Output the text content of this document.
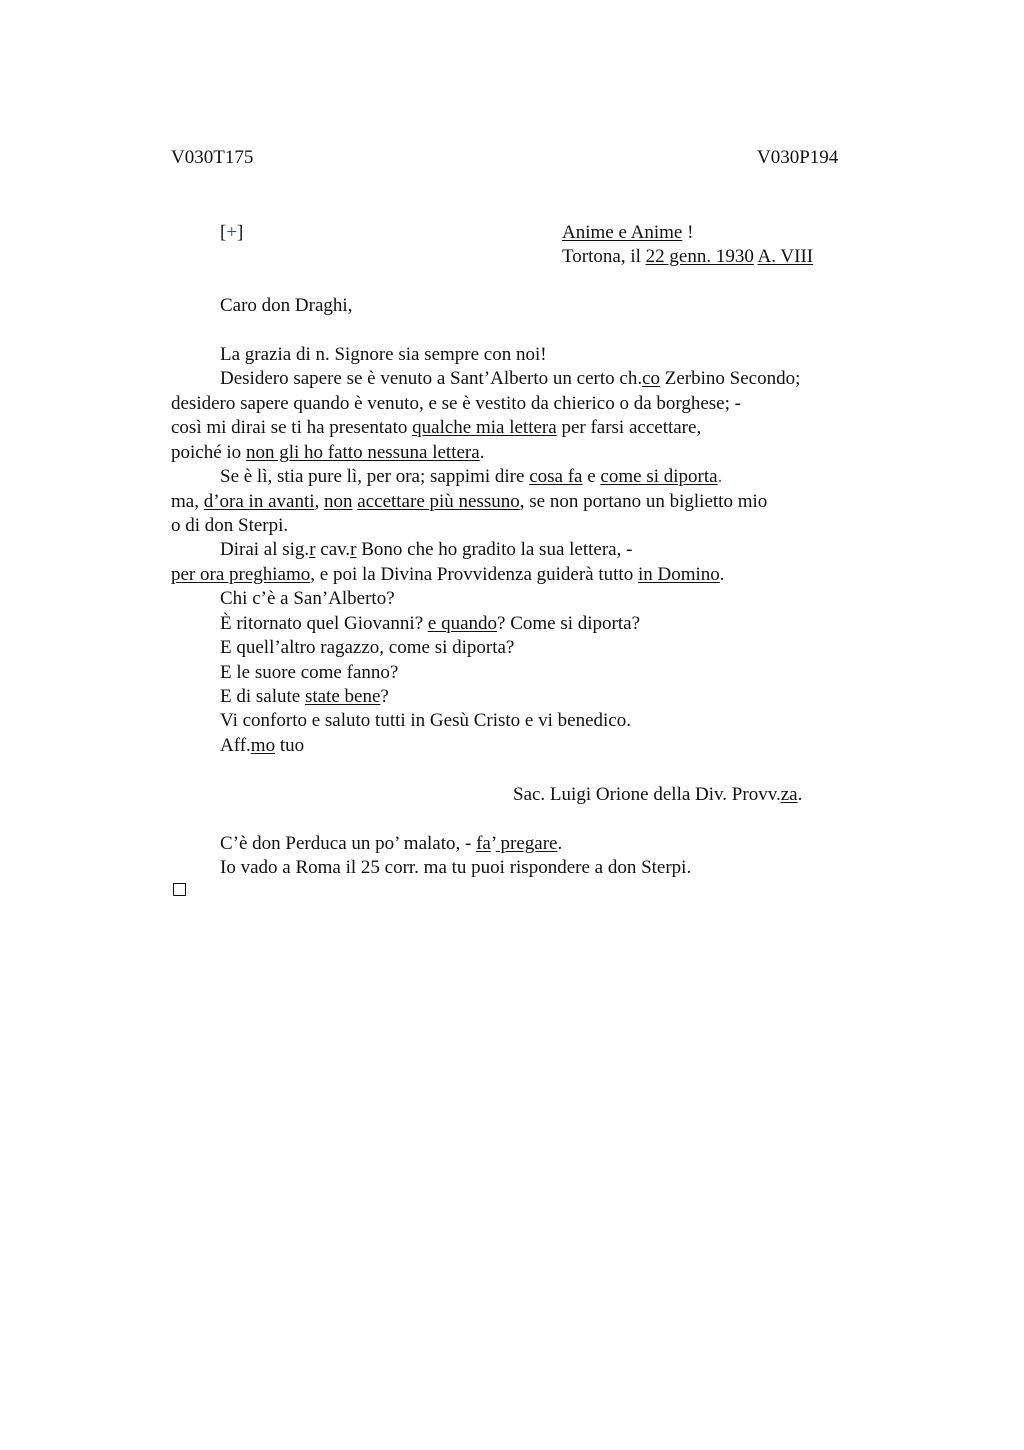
V030T175	V030P194
[+]	Anime e Anime !
Tortona, il 22 genn. 1930 A. VIII
Caro don Draghi,
La grazia di n. Signore sia sempre con noi!
Desidero sapere se è venuto a Sant’Alberto un certo ch.co Zerbino Secondo;
desidero sapere quando è venuto, e se è vestito da chierico o da borghese; -
così mi dirai se ti ha presentato qualche mia lettera per farsi accettare,
poiché io non gli ho fatto nessuna lettera.
Se è lì, stia pure lì, per ora; sappimi dire cosa fa e come si diporta.
ma, d’ora in avanti, non accettare più nessuno, se non portano un biglietto mio
o di don Sterpi.
Dirai al sig.r cav.r Bono che ho gradito la sua lettera, -
per ora preghiamo, e poi la Divina Provvidenza guiderà tutto in Domino.
Chi c’è a San’Alberto?
È ritornato quel Giovanni? e quando? Come si diporta?
E quell’altro ragazzo, come si diporta?
E le suore come fanno?
E di salute state bene?
Vi conforto e saluto tutti in Gesù Cristo e vi benedico.
Aff.mo tuo
Sac. Luigi Orione della Div. Provv.za.
C’è don Perduca un po’ malato, - fa’ pregare.
Io vado a Roma il 25 corr. ma tu puoi rispondere a don Sterpi.
